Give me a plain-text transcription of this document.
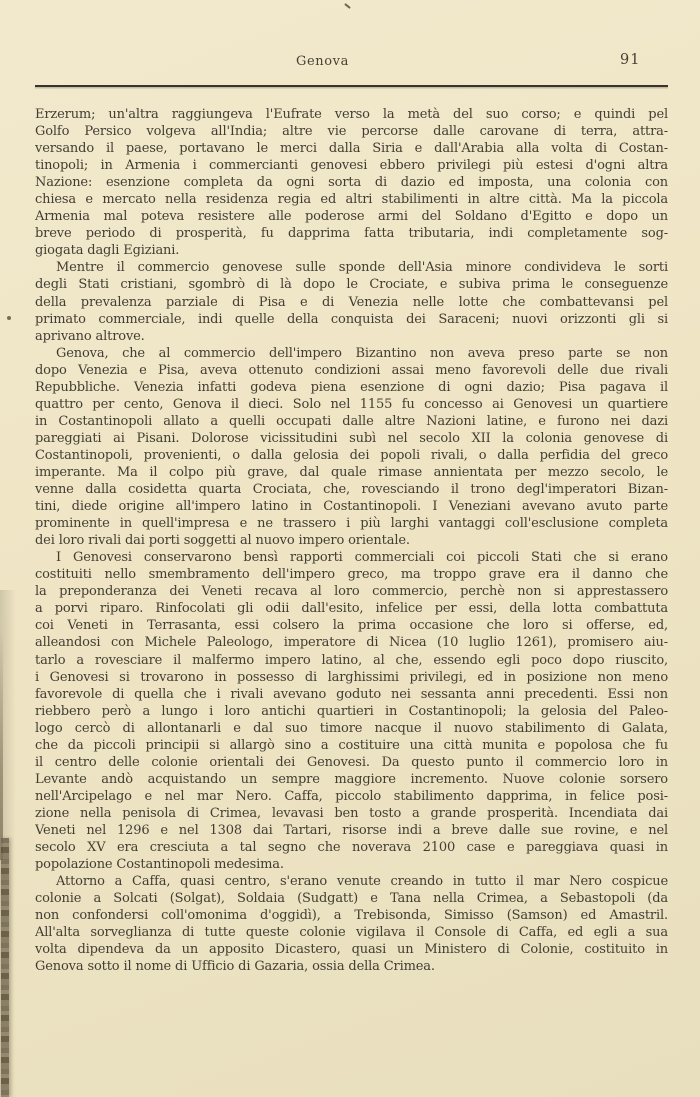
Genova	91
Erzerum; un'altra raggiungeva l'Eufrate verso la metà del suo corso; e quindi pel
Golfo Persico volgeva all'India; altre vie percorse dalle carovane di terra, attra-
versando il paese, portavano le merci dalla Siria e dall'Arabia alla volta di Costan-
tinopoli; in Armenia i commercianti genovesi ebbero privilegi più estesi d'ogni altra
Nazione: esenzione completa da ogni sorta di dazio ed imposta, una colonia con
chiesa e mercato nella residenza regia ed altri stabilimenti in altre città. Ma la piccola
Armenia mal poteva resistere alle poderose armi del Soldano d'Egitto e dopo un
breve periodo di prosperità, fu dapprima fatta tributaria, indi completamente sog-
giogata dagli Egiziani.
Mentre il commercio genovese sulle sponde dell'Asia minore condivideva le sorti
degli Stati cristiani, sgombrò di là dopo le Crociate, e subiva prima le conseguenze
della prevalenza parziale di Pisa e di Venezia nelle lotte che combattevansi pel
primato commerciale, indi quelle della conquista dei Saraceni; nuovi orizzonti gli si
aprivano altrove.
Genova, che al commercio dell'impero Bizantino non aveva preso parte se non
dopo Venezia e Pisa, aveva ottenuto condizioni assai meno favorevoli delle due rivali
Repubbliche. Venezia infatti godeva piena esenzione di ogni dazio; Pisa pagava il
quattro per cento, Genova il dieci. Solo nel 1155 fu concesso ai Genovesi un quartiere
in Costantinopoli allato a quelli occupati dalle altre Nazioni latine, e furono nei dazi
pareggiati ai Pisani. Dolorose vicissitudini subì nel secolo XII la colonia genovese di
Costantinopoli, provenienti, o dalla gelosia dei popoli rivali, o dalla perfidia del greco
imperante. Ma il colpo più grave, dal quale rimase annientata per mezzo secolo, le
venne dalla cosidetta quarta Crociata, che, rovesciando il trono degl'imperatori Bizan-
tini, diede origine all'impero latino in Costantinopoli. I Veneziani avevano avuto parte
prominente in quell'impresa e ne trassero i più larghi vantaggi coll'esclusione completa
dei loro rivali dai porti soggetti al nuovo impero orientale.
I Genovesi conservarono bensì rapporti commerciali coi piccoli Stati che si erano
costituiti nello smembramento dell'impero greco, ma troppo grave era il danno che
la preponderanza dei Veneti recava al loro commercio, perchè non si apprestassero
a porvi riparo. Rinfocolati gli odii dall'esito, infelice per essi, della lotta combattuta
coi Veneti in Terrasanta, essi colsero la prima occasione che loro si offerse, ed,
alleandosi con Michele Paleologo, imperatore di Nicea (10 luglio 1261), promisero aiu-
tarlo a rovesciare il malfermo impero latino, al che, essendo egli poco dopo riuscito,
i Genovesi si trovarono in possesso di larghissimi privilegi, ed in posizione non meno
favorevole di quella che i rivali avevano goduto nei sessanta anni precedenti. Essi non
riebbero però a lungo i loro antichi quartieri in Costantinopoli; la gelosia del Paleo-
logo cercò di allontanarli e dal suo timore nacque il nuovo stabilimento di Galata,
che da piccoli principii si allargò sino a costituire una città munita e popolosa che fu
il centro delle colonie orientali dei Genovesi. Da questo punto il commercio loro in
Levante andò acquistando un sempre maggiore incremento. Nuove colonie sorsero
nell'Arcipelago e nel mar Nero. Caffa, piccolo stabilimento dapprima, in felice posi-
zione nella penisola di Crimea, levavasi ben tosto a grande prosperità. Incendiata dai
Veneti nel 1296 e nel 1308 dai Tartari, risorse indi a breve dalle sue rovine, e nel
secolo XV era cresciuta a tal segno che noverava 2100 case e pareggiava quasi in
popolazione Costantinopoli medesima.
Attorno a Caffa, quasi centro, s'erano venute creando in tutto il mar Nero cospicue
colonie a Solcati (Solgat), Soldaia (Sudgatt) e Tana nella Crimea, a Sebastopoli (da
non confondersi coll'omonima d'oggidì), a Trebisonda, Simisso (Samson) ed Amastril.
All'alta sorveglianza di tutte queste colonie vigilava il Console di Caffa, ed egli a sua
volta dipendeva da un apposito Dicastero, quasi un Ministero di Colonie, costituito in
Genova sotto il nome di Ufficio di Gazaria, ossia della Crimea.
